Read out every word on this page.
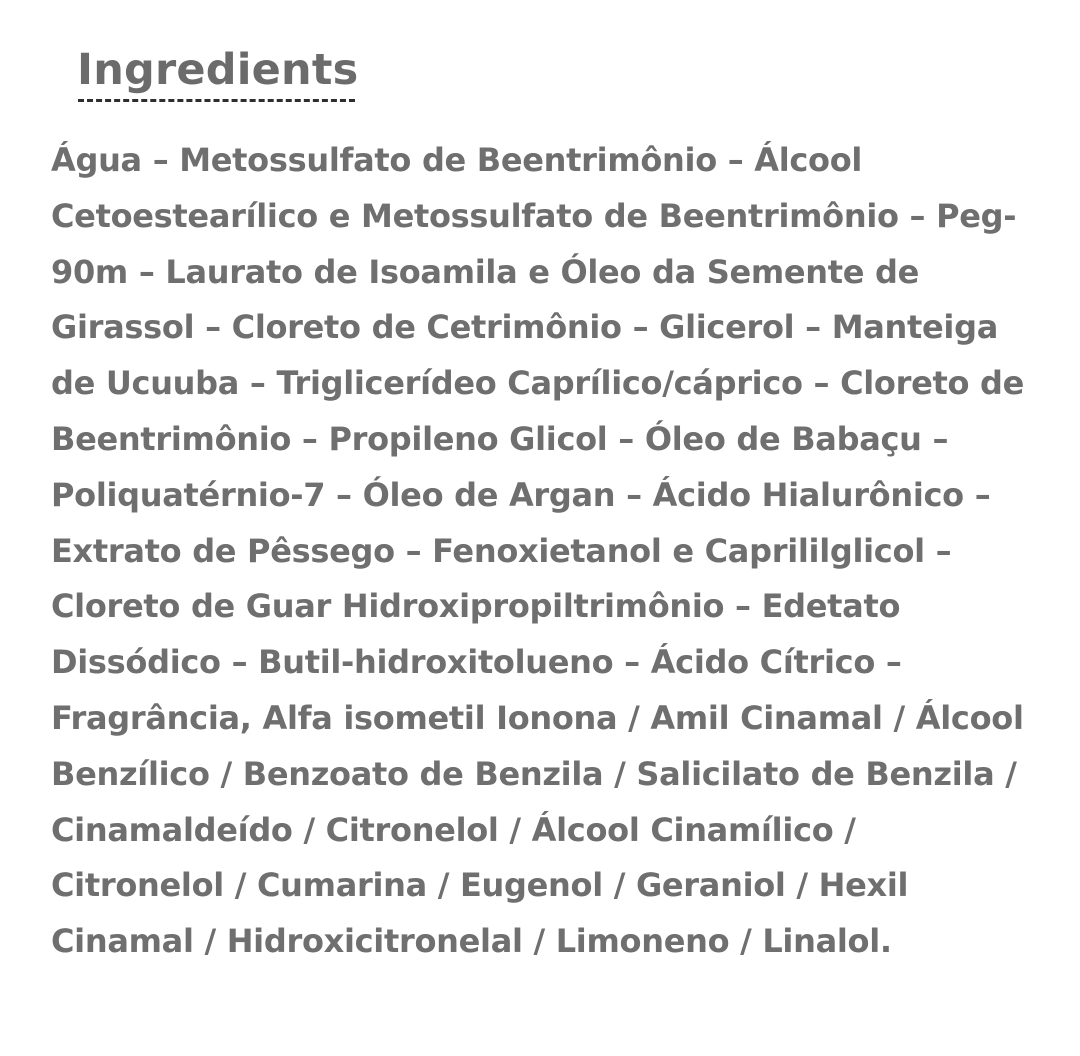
Ingredients

Água – Metossulfato de Beentrimônio – Álcool
Cetoestearílico e Metossulfato de Beentrimônio – Peg-
90m – Laurato de Isoamila e Óleo da Semente de
Girassol – Cloreto de Cetrimônio – Glicerol – Manteiga
de Ucuuba – Triglicerídeo Caprílico/cáprico – Cloreto de
Beentrimônio – Propileno Glicol – Óleo de Babaçu –
Poliquatérnio-7 – Óleo de Argan – Ácido Hialurônico –
Extrato de Pêssego – Fenoxietanol e Caprililglicol –
Cloreto de Guar Hidroxipropiltrimônio – Edetato
Dissódico – Butil-hidroxitolueno – Ácido Cítrico –
Fragrância, Alfa isometil Ionona / Amil Cinamal / Álcool
Benzílico / Benzoato de Benzila / Salicilato de Benzila /
Cinamaldeído / Citronelol / Álcool Cinamílico /
Citronelol / Cumarina / Eugenol / Geraniol / Hexil
Cinamal / Hidroxicitronelal / Limoneno / Linalol.
